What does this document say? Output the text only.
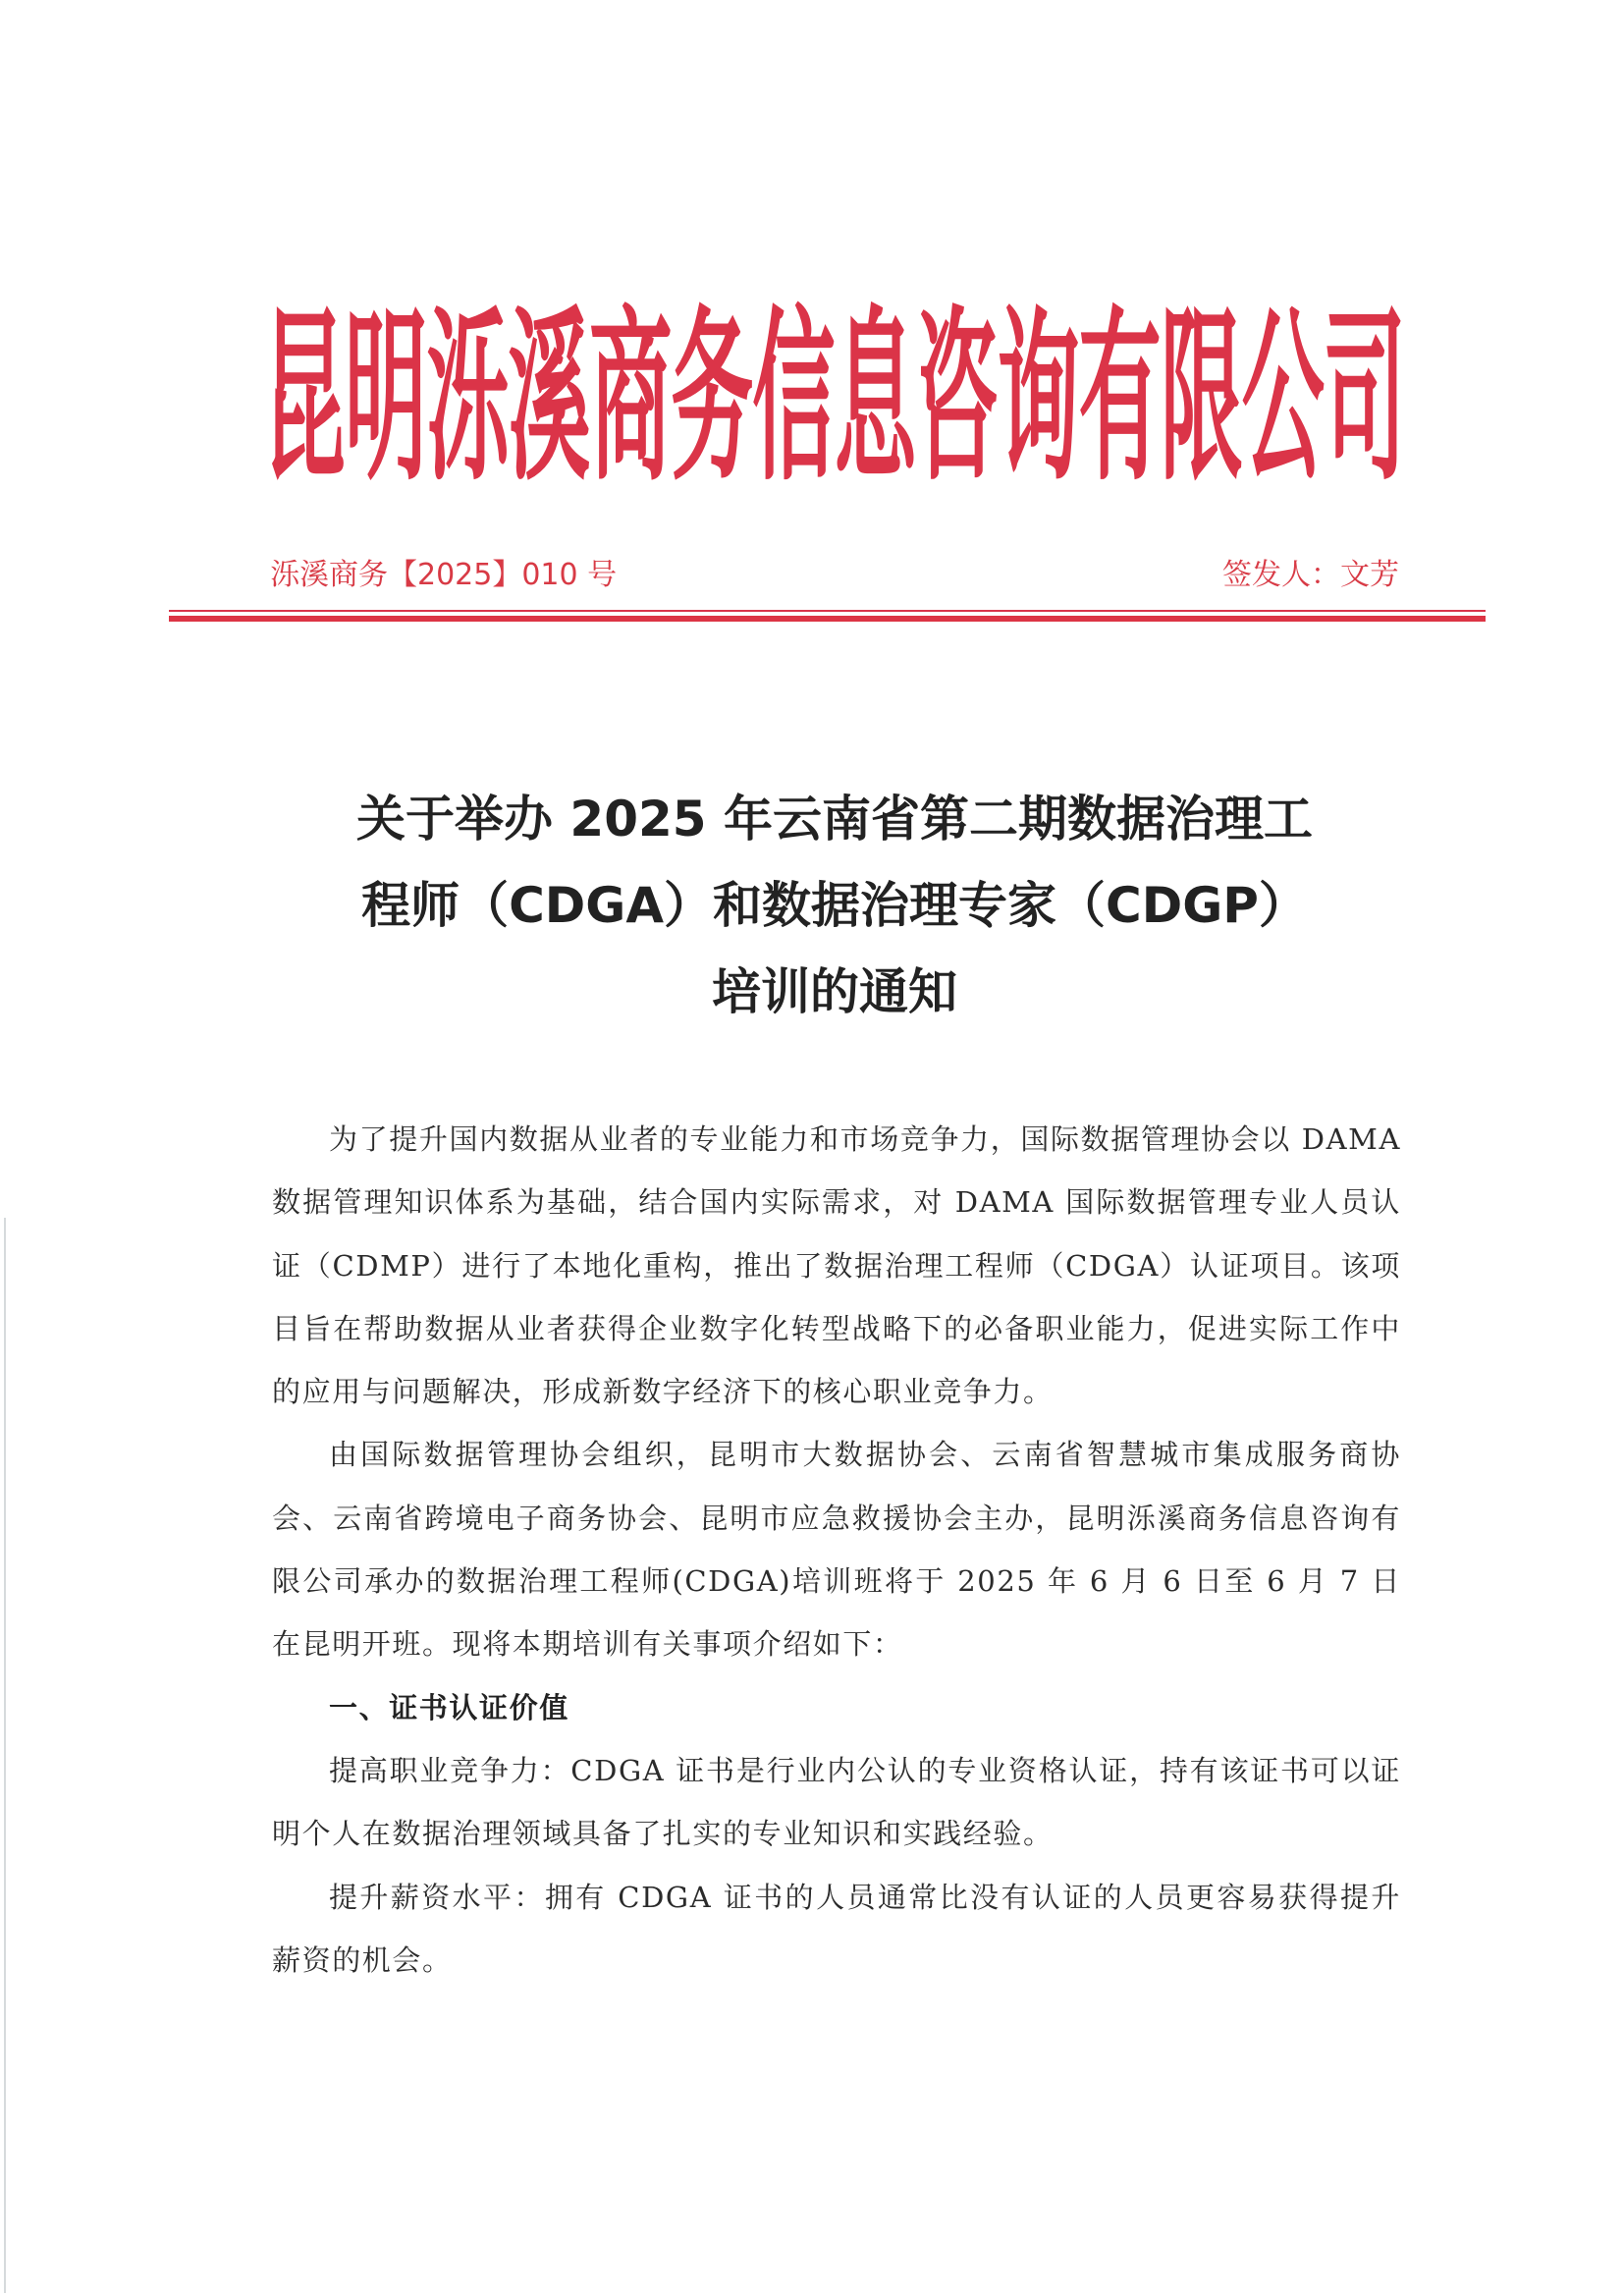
昆 明 泺 溪 商 务 信 息 咨 询 有 限 公 司
泺溪商务【2025】010 号	签发人：文芳
关于举办 2025 年云南省第二期数据治理工
程师（CDGA）和数据治理专家（CDGP）
培训的通知

为了提升国内数据从业者的专业能力和市场竞争力，国际数据管理协会以 DAMA 数据管理知识体系为基础，结合国内实际需求，对 DAMA 国际数据管理专业人员认证（CDMP）进行了本地化重构，推出了数据治理工程师（CDGA）认证项目。该项目旨在帮助数据从业者获得企业数字化转型战略下的必备职业能力，促进实际工作中的应用与问题解决，形成新数字经济下的核心职业竞争力。

由国际数据管理协会组织，昆明市大数据协会、云南省智慧城市集成服务商协会、云南省跨境电子商务协会、昆明市应急救援协会主办，昆明泺溪商务信息咨询有限公司承办的数据治理工程师(CDGA)培训班将于 2025 年 6 月 6 日至 6 月 7 日在昆明开班。现将本期培训有关事项介绍如下：

一、证书认证价值

提高职业竞争力：CDGA 证书是行业内公认的专业资格认证，持有该证书可以证明个人在数据治理领域具备了扎实的专业知识和实践经验。

提升薪资水平：拥有 CDGA 证书的人员通常比没有认证的人员更容易获得提升薪资的机会。
